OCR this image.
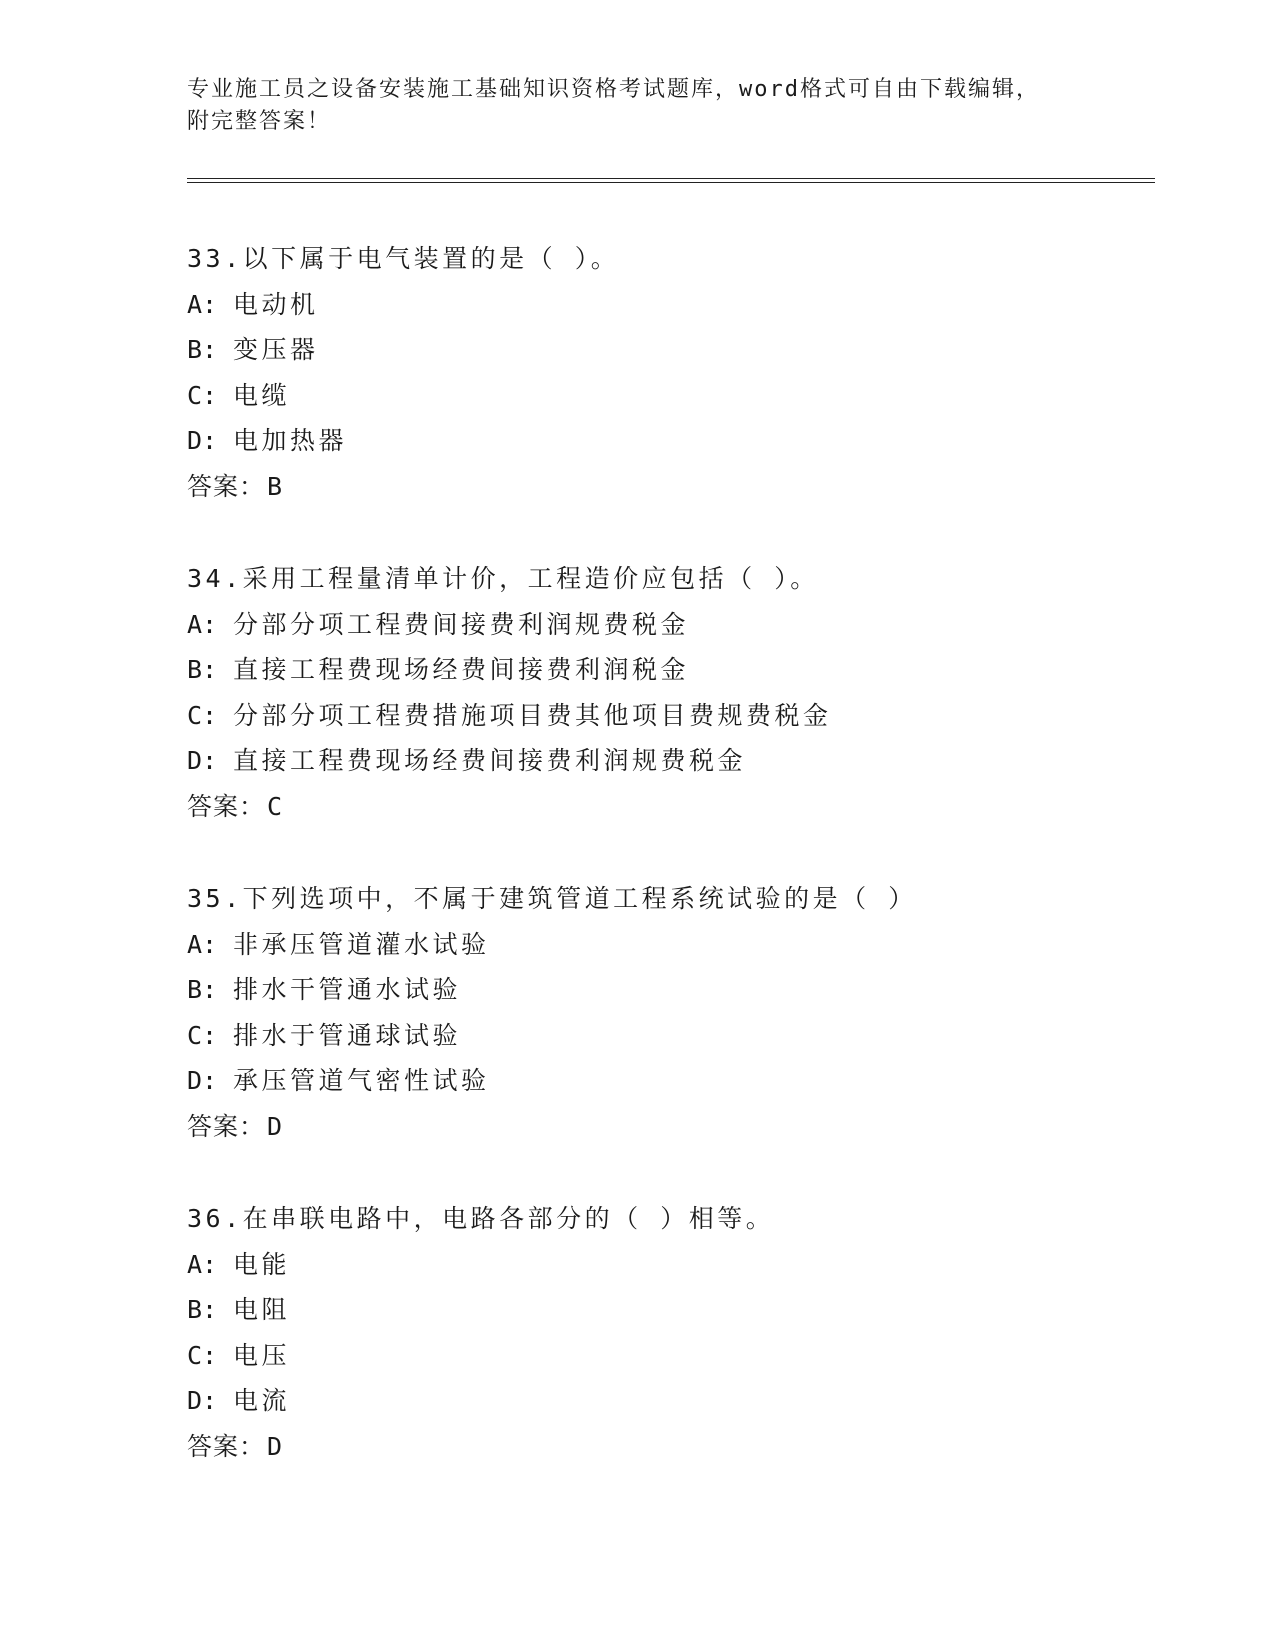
专业施工员之设备安装施工基础知识资格考试题库，word格式可自由下载编辑，
附完整答案！
33.以下属于电气装置的是（ ）。
A: 电动机
B: 变压器
C: 电缆
D: 电加热器
答案：B
34.采用工程量清单计价，工程造价应包括（ ）。
A: 分部分项工程费间接费利润规费税金
B: 直接工程费现场经费间接费利润税金
C: 分部分项工程费措施项目费其他项目费规费税金
D: 直接工程费现场经费间接费利润规费税金
答案：C
35.下列选项中，不属于建筑管道工程系统试验的是（ ）
A: 非承压管道灌水试验
B: 排水干管通水试验
C: 排水于管通球试验
D: 承压管道气密性试验
答案：D
36.在串联电路中，电路各部分的（ ）相等。
A: 电能
B: 电阻
C: 电压
D: 电流
答案：D
